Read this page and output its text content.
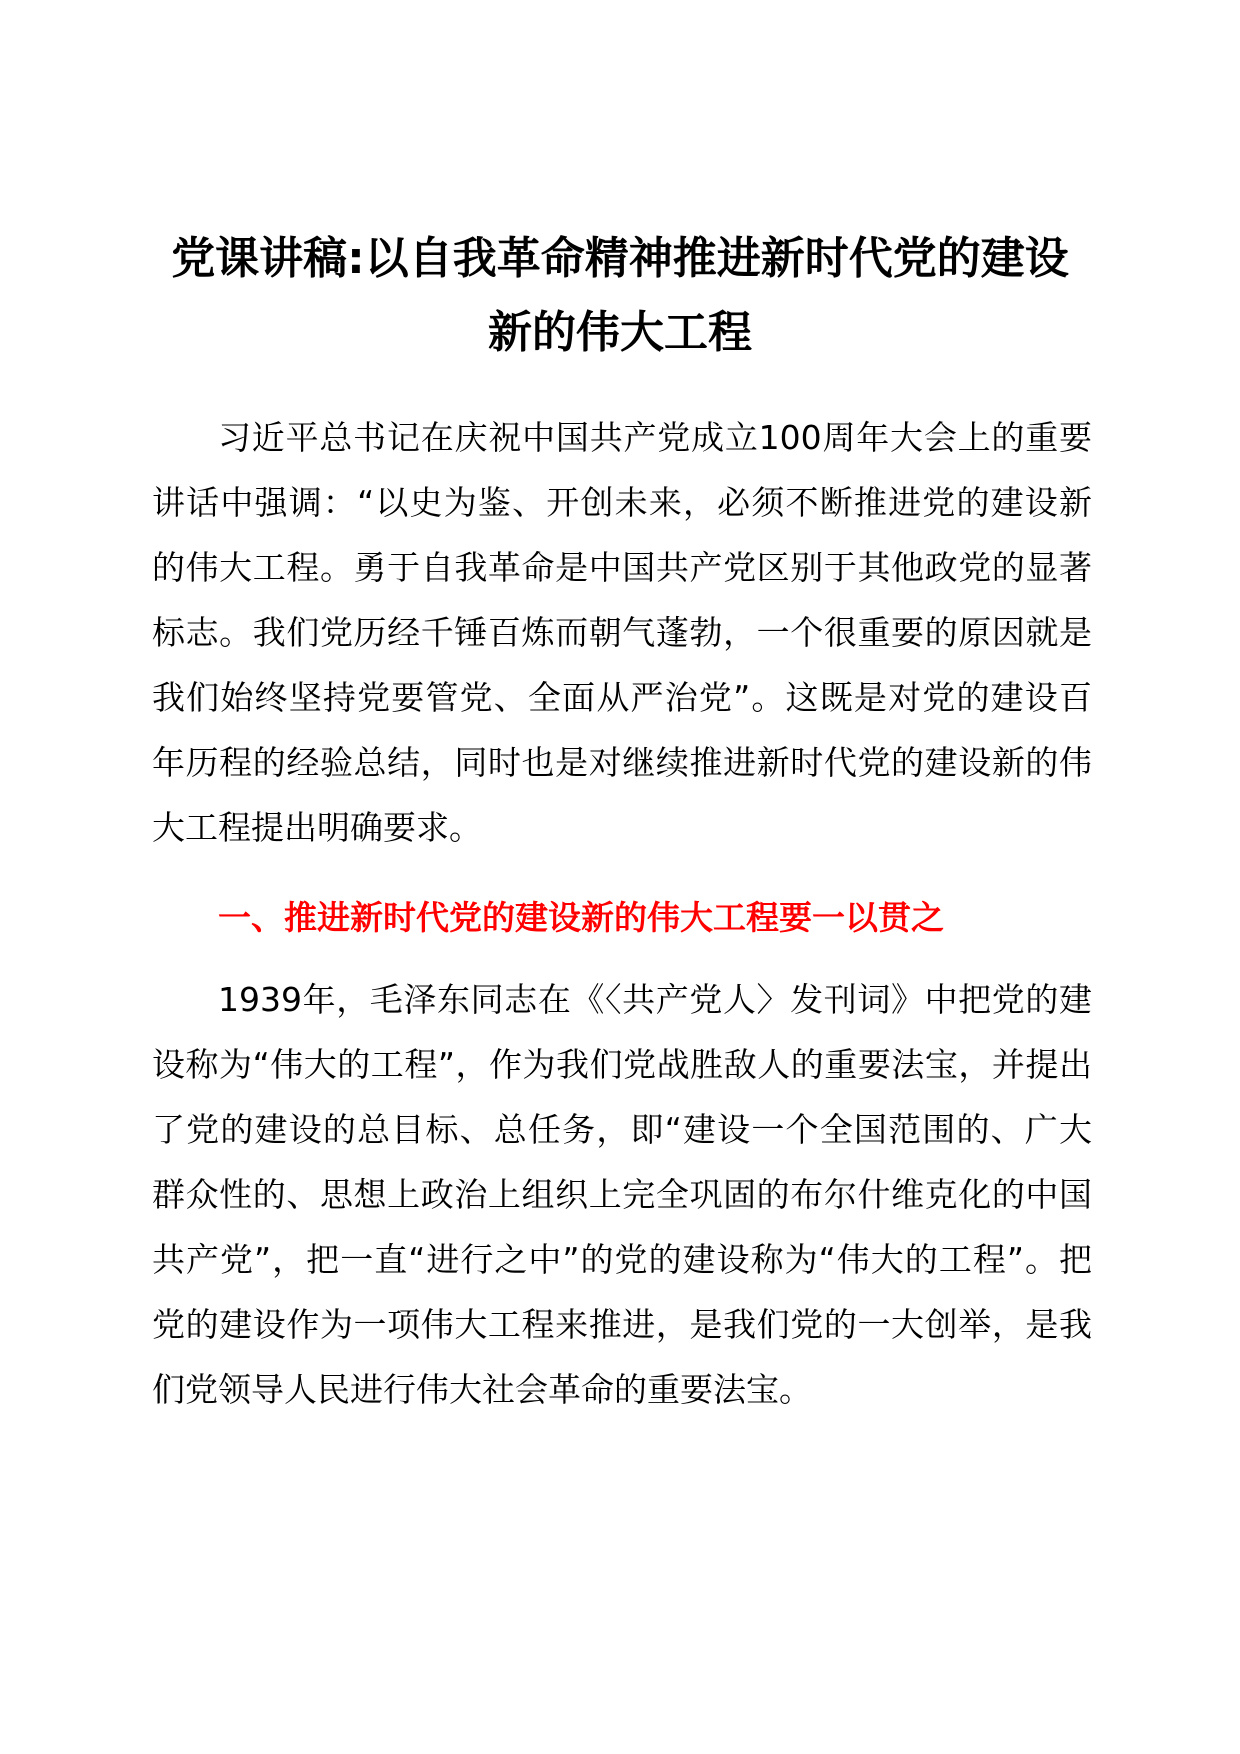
党课讲稿:以自我革命精神推进新时代党的建设新的伟大工程

习近平总书记在庆祝中国共产党成立100周年大会上的重要讲话中强调：“以史为鉴、开创未来，必须不断推进党的建设新的伟大工程。勇于自我革命是中国共产党区别于其他政党的显著标志。我们党历经千锤百炼而朝气蓬勃，一个很重要的原因就是我们始终坚持党要管党、全面从严治党”。这既是对党的建设百年历程的经验总结，同时也是对继续推进新时代党的建设新的伟大工程提出明确要求。

一、推进新时代党的建设新的伟大工程要一以贯之

1939年，毛泽东同志在《〈共产党人〉发刊词》中把党的建设称为“伟大的工程”，作为我们党战胜敌人的重要法宝，并提出了党的建设的总目标、总任务，即“建设一个全国范围的、广大群众性的、思想上政治上组织上完全巩固的布尔什维克化的中国共产党”，把一直“进行之中”的党的建设称为“伟大的工程”。把党的建设作为一项伟大工程来推进，是我们党的一大创举，是我们党领导人民进行伟大社会革命的重要法宝。
